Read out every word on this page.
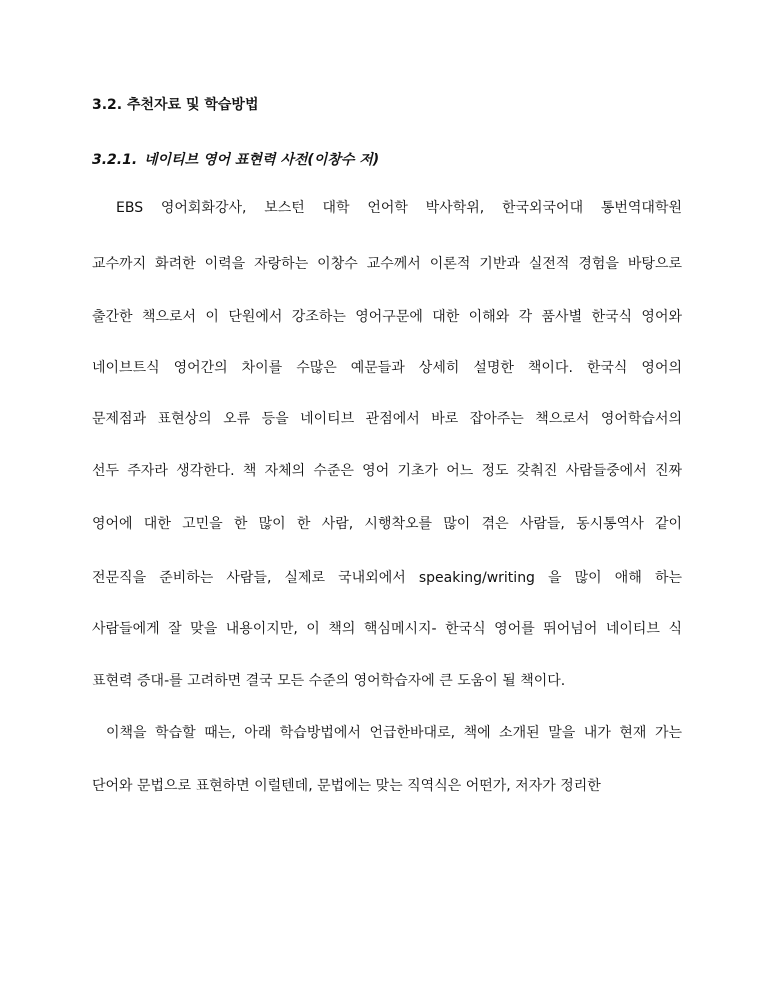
3.2. 추천자료 및 학습방법
3.2.1. 네이티브 영어 표현력 사전(이창수 저)

EBS 영어회화강사, 보스턴 대학 언어학 박사학위, 한국외국어대 통번역대학원

교수까지 화려한 이력을 자랑하는 이창수 교수께서 이론적 기반과 실전적 경험을 바탕으로

출간한 책으로서 이 단원에서 강조하는 영어구문에 대한 이해와 각 품사별 한국식 영어와

네이브트식 영어간의 차이를 수많은 예문들과 상세히 설명한 책이다. 한국식 영어의

문제점과 표현상의 오류 등을 네이티브 관점에서 바로 잡아주는 책으로서 영어학습서의

선두 주자라 생각한다. 책 자체의 수준은 영어 기초가 어느 정도 갖춰진 사람들중에서 진짜

영어에 대한 고민을 한 많이 한 사람, 시행착오를 많이 겪은 사람들, 동시통역사 같이

전문직을 준비하는 사람들, 실제로 국내외에서 speaking/writing 을 많이 애해 하는

사람들에게 잘 맞을 내용이지만, 이 책의 핵심메시지- 한국식 영어를 뛰어넘어 네이티브 식

표현력 증대-를 고려하면 결국 모든 수준의 영어학습자에 큰 도움이 될 책이다.

이책을 학습할 때는, 아래 학습방법에서 언급한바대로, 책에 소개된 말을 내가 현재 가는

단어와 문법으로 표현하면 이럴텐데, 문법에는 맞는 직역식은 어떤가, 저자가 정리한
